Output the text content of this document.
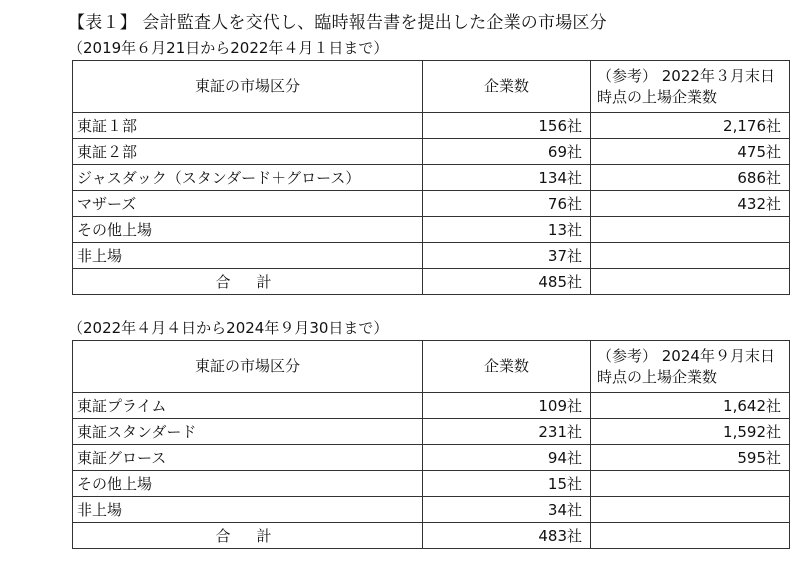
【表１】 会計監査人を交代し、臨時報告書を提出した企業の市場区分
（2019年６月21日から2022年４月１日まで）
東証の市場区分	企業数	（参考） 2022年３月末日
時点の上場企業数

東証１部	156社	2,176社
東証２部	69社	475社
ジャスダック（スタンダード＋グロース）	134社	686社
マザーズ	76社	432社
その他上場	13社	
非上場	37社	
合計	485社	
（2022年４月４日から2024年９月30日まで）
東証の市場区分	企業数	（参考） 2024年９月末日
時点の上場企業数

東証プライム	109社	1,642社
東証スタンダード	231社	1,592社
東証グロース	94社	595社
その他上場	15社	
非上場	34社	
合計	483社	
